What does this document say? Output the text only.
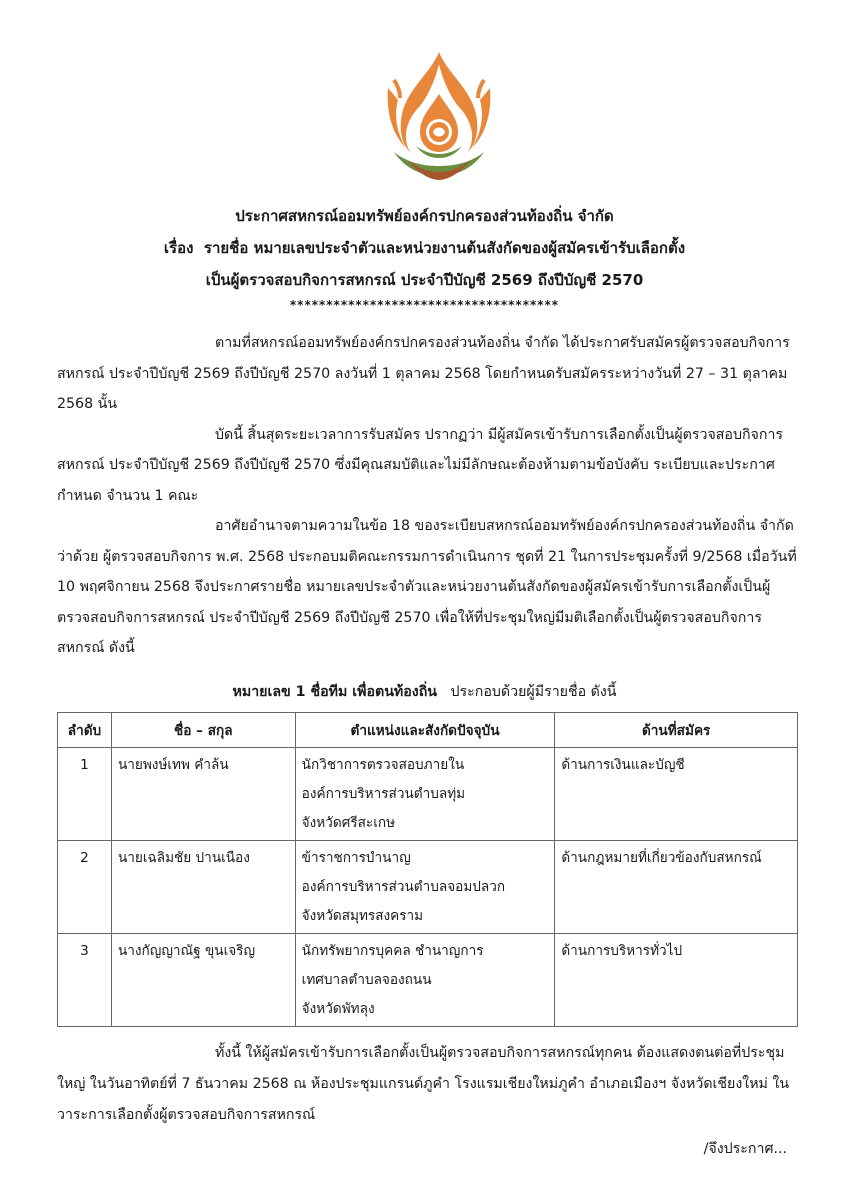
ประกาศสหกรณ์ออมทรัพย์องค์กรปกครองส่วนท้องถิ่น จำกัด
เรื่อง รายชื่อ หมายเลขประจำตัวและหน่วยงานต้นสังกัดของผู้สมัครเข้ารับเลือกตั้ง
เป็นผู้ตรวจสอบกิจการสหกรณ์ ประจำปีบัญชี 2569 ถึงปีบัญชี 2570
*************************************

ตามที่สหกรณ์ออมทรัพย์องค์กรปกครองส่วนท้องถิ่น จำกัด ได้ประกาศรับสมัครผู้ตรวจสอบกิจการสหกรณ์ ประจำปีบัญชี 2569 ถึงปีบัญชี 2570 ลงวันที่ 1 ตุลาคม 2568 โดยกำหนดรับสมัครระหว่างวันที่ 27 – 31 ตุลาคม 2568 นั้น

บัดนี้ สิ้นสุดระยะเวลาการรับสมัคร ปรากฏว่า มีผู้สมัครเข้ารับการเลือกตั้งเป็นผู้ตรวจสอบกิจการสหกรณ์ ประจำปีบัญชี 2569 ถึงปีบัญชี 2570 ซึ่งมีคุณสมบัติและไม่มีลักษณะต้องห้ามตามข้อบังคับ ระเบียบและประกาศกำหนด จำนวน 1 คณะ

อาศัยอำนาจตามความในข้อ 18 ของระเบียบสหกรณ์ออมทรัพย์องค์กรปกครองส่วนท้องถิ่น จำกัด ว่าด้วย ผู้ตรวจสอบกิจการ พ.ศ. 2568 ประกอบมติคณะกรรมการดำเนินการ ชุดที่ 21 ในการประชุมครั้งที่ 9/2568 เมื่อวันที่ 10 พฤศจิกายน 2568 จึงประกาศรายชื่อ หมายเลขประจำตัวและหน่วยงานต้นสังกัดของผู้สมัครเข้ารับการเลือกตั้งเป็นผู้ตรวจสอบกิจการสหกรณ์ ประจำปีบัญชี 2569 ถึงปีบัญชี 2570 เพื่อให้ที่ประชุมใหญ่มีมติเลือกตั้งเป็นผู้ตรวจสอบกิจการสหกรณ์ ดังนี้

หมายเลข 1 ชื่อทีม เพื่อตนท้องถิ่น ประกอบด้วยผู้มีรายชื่อ ดังนี้
ลำดับ	ชื่อ – สกุล	ตำแหน่งและสังกัดปัจจุบัน	ด้านที่สมัคร
1	นายพงษ์เทพ คำล้น	นักวิชาการตรวจสอบภายใน
องค์การบริหารส่วนตำบลทุ่ม
จังหวัดศรีสะเกษ	ด้านการเงินและบัญชี
2	นายเฉลิมชัย ปานเนือง	ข้าราชการบำนาญ
องค์การบริหารส่วนตำบลจอมปลวก
จังหวัดสมุทรสงคราม	ด้านกฎหมายที่เกี่ยวข้องกับสหกรณ์
3	นางกัญญาณัฐ ขุนเจริญ	นักทรัพยากรบุคคล ชำนาญการ
เทศบาลตำบลจองถนน
จังหวัดพัทลุง	ด้านการบริหารทั่วไป

ทั้งนี้ ให้ผู้สมัครเข้ารับการเลือกตั้งเป็นผู้ตรวจสอบกิจการสหกรณ์ทุกคน ต้องแสดงตนต่อที่ประชุมใหญ่ ในวันอาทิตย์ที่ 7 ธันวาคม 2568 ณ ห้องประชุมแกรนด์ภูคำ โรงแรมเชียงใหม่ภูคำ อำเภอเมืองฯ จังหวัดเชียงใหม่ ในวาระการเลือกตั้งผู้ตรวจสอบกิจการสหกรณ์

/จึงประกาศ...
